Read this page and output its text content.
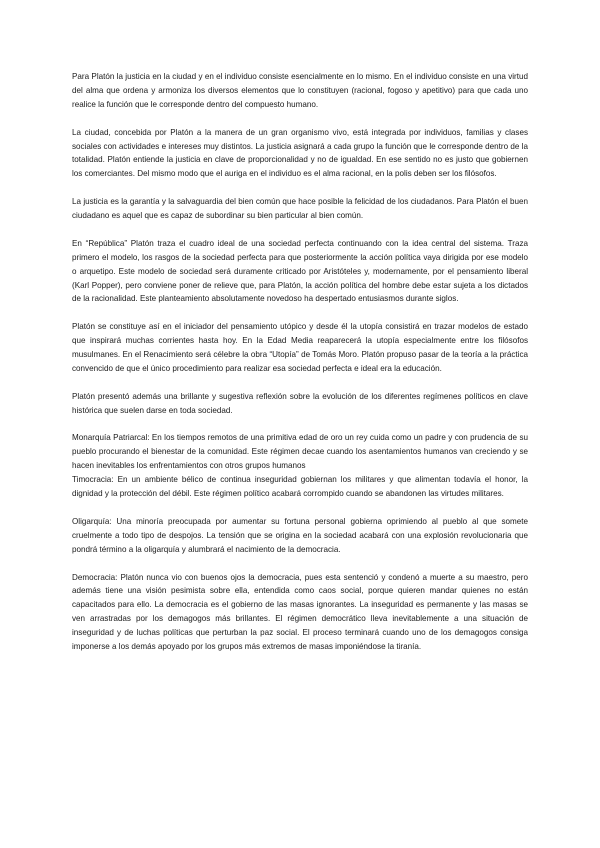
Para Platón la justicia en la ciudad y en el individuo consiste esencialmente en lo mismo. En el individuo consiste en una virtud del alma que ordena y armoniza los diversos elementos que lo constituyen (racional, fogoso y apetitivo) para que cada uno realice la función que le corresponde dentro del compuesto humano.

La ciudad, concebida por Platón a la manera de un gran organismo vivo, está integrada por individuos, familias y clases sociales con actividades e intereses muy distintos. La justicia asignará a cada grupo la función que le corresponde dentro de la totalidad. Platón entiende la justicia en clave de proporcionalidad y no de igualdad. En ese sentido no es justo que gobiernen los comerciantes. Del mismo modo que el auriga en el individuo es el alma racional, en la polis deben ser los filósofos.

La justicia es la garantía y la salvaguardia del bien común que hace posible la felicidad de los ciudadanos. Para Platón el buen ciudadano es aquel que es capaz de subordinar su bien particular al bien común.

En “República” Platón traza el cuadro ideal de una sociedad perfecta continuando con la idea central del sistema. Traza primero el modelo, los rasgos de la sociedad perfecta para que posteriormente la acción política vaya dirigida por ese modelo o arquetipo. Este modelo de sociedad será duramente criticado por Aristóteles y, modernamente, por el pensamiento liberal (Karl Popper), pero conviene poner de relieve que, para Platón, la acción política del hombre debe estar sujeta a los dictados de la racionalidad. Este planteamiento absolutamente novedoso ha despertado entusiasmos durante siglos.

Platón se constituye así en el iniciador del pensamiento utópico y desde él la utopía consistirá en trazar modelos de estado que inspirará muchas corrientes hasta hoy. En la Edad Media reaparecerá la utopía especialmente entre los filósofos musulmanes. En el Renacimiento será célebre la obra “Utopía” de Tomás Moro. Platón propuso pasar de la teoría a la práctica convencido de que el único procedimiento para realizar esa sociedad perfecta e ideal era la educación.

Platón presentó además una brillante y sugestiva reflexión sobre la evolución de los diferentes regímenes políticos en clave histórica que suelen darse en toda sociedad.

Monarquía Patriarcal: En los tiempos remotos de una primitiva edad de oro un rey cuida como un padre y con prudencia de su pueblo procurando el bienestar de la comunidad. Este régimen decae cuando los asentamientos humanos van creciendo y se hacen inevitables los enfrentamientos con otros grupos humanos

Timocracia: En un ambiente bélico de continua inseguridad gobiernan los militares y que alimentan todavía el honor, la dignidad y la protección del débil. Este régimen político acabará corrompido cuando se abandonen las virtudes militares.

Oligarquía: Una minoría preocupada por aumentar su fortuna personal gobierna oprimiendo al pueblo al que somete cruelmente a todo tipo de despojos. La tensión que se origina en la sociedad acabará con una explosión revolucionaria que pondrá término a la oligarquía y alumbrará el nacimiento de la democracia.

Democracia: Platón nunca vio con buenos ojos la democracia, pues esta sentenció y condenó a muerte a su maestro, pero además tiene una visión pesimista sobre ella, entendida como caos social, porque quieren mandar quienes no están capacitados para ello. La democracia es el gobierno de las masas ignorantes. La inseguridad es permanente y las masas se ven arrastradas por los demagogos más brillantes. El régimen democrático lleva inevitablemente a una situación de inseguridad y de luchas políticas que perturban la paz social. El proceso terminará cuando uno de los demagogos consiga imponerse a los demás apoyado por los grupos más extremos de masas imponiéndose la tiranía.
